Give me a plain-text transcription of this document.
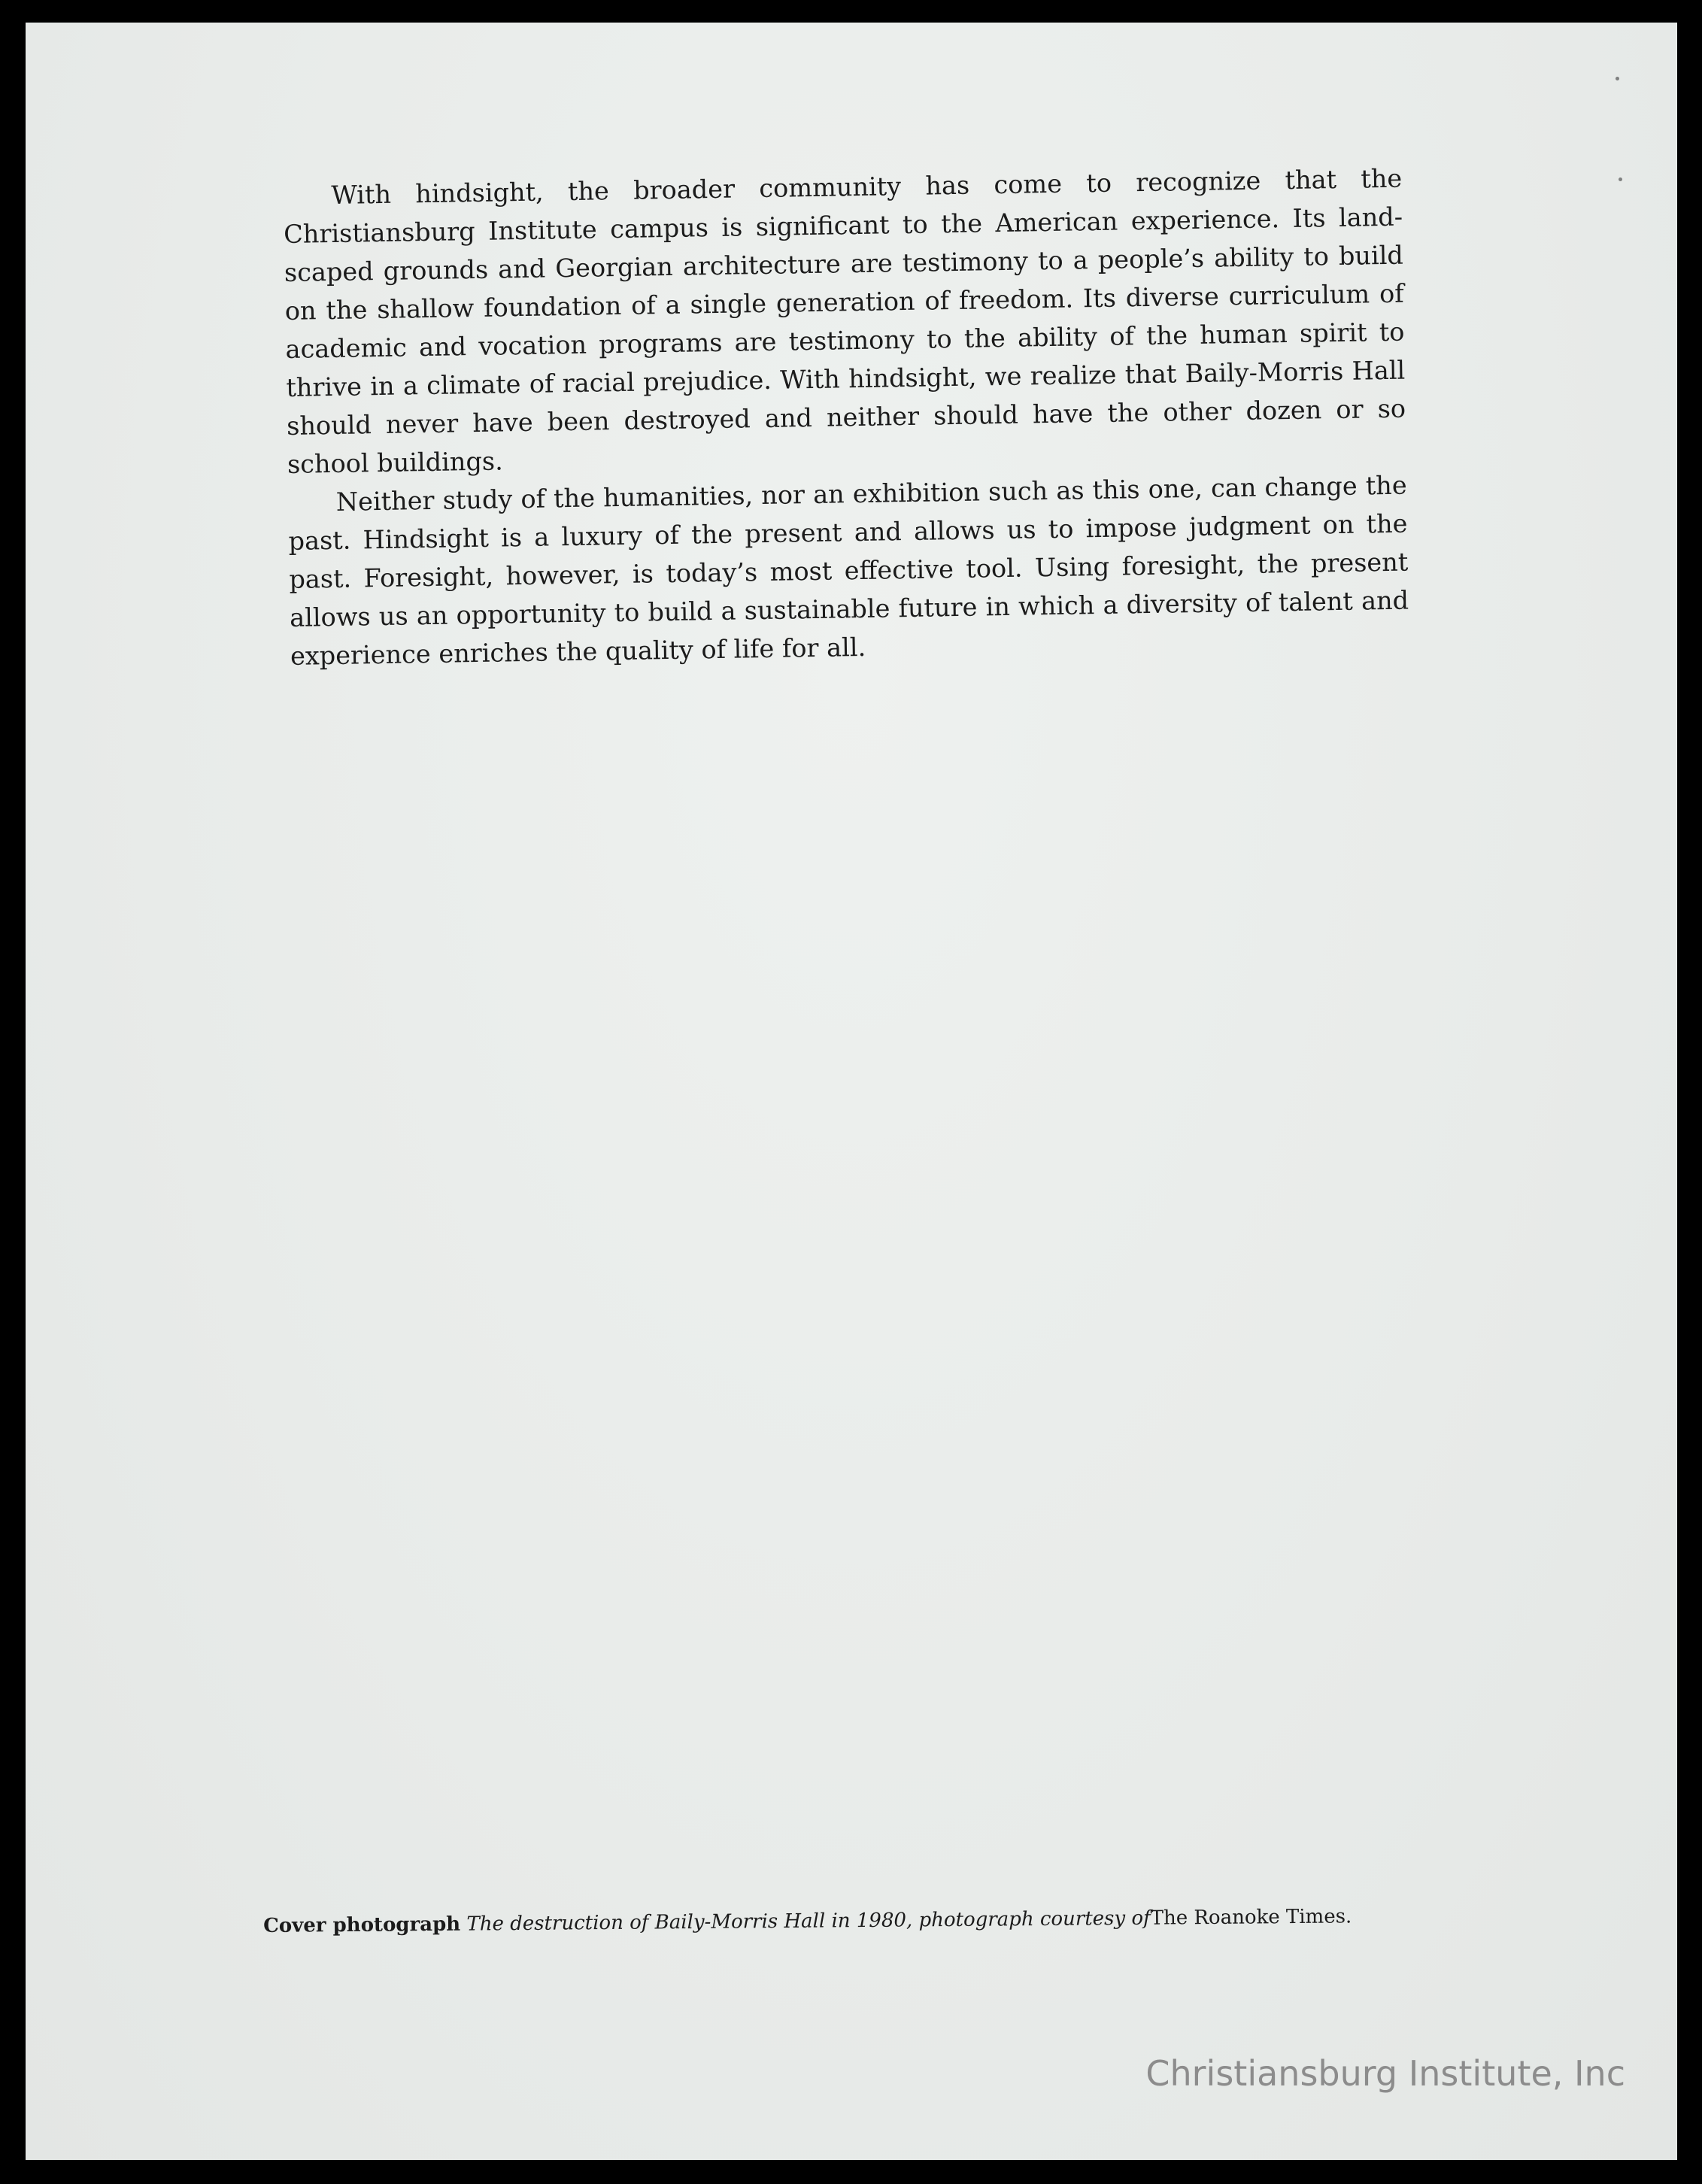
With hindsight, the broader community has come to recognize that the Christiansburg Institute campus is significant to the American experience. Its land-scaped grounds and Georgian architecture are testimony to a people’s ability to build on the shallow foundation of a single generation of freedom. Its diverse curriculum of academic and vocation programs are testimony to the ability of the human spirit to thrive in a climate of racial prejudice. With hindsight, we realize that Baily-Morris Hall should never have been destroyed and neither should have the other dozen or so school buildings.

Neither study of the humanities, nor an exhibition such as this one, can change the past. Hindsight is a luxury of the present and allows us to impose judgment on the past. Foresight, however, is today’s most effective tool. Using foresight, the present allows us an opportunity to build a sustainable future in which a diversity of talent and experience enriches the quality of life for all.

Cover photograph The destruction of Baily-Morris Hall in 1980, photograph courtesy ofThe Roanoke Times.
Christiansburg Institute, Inc
